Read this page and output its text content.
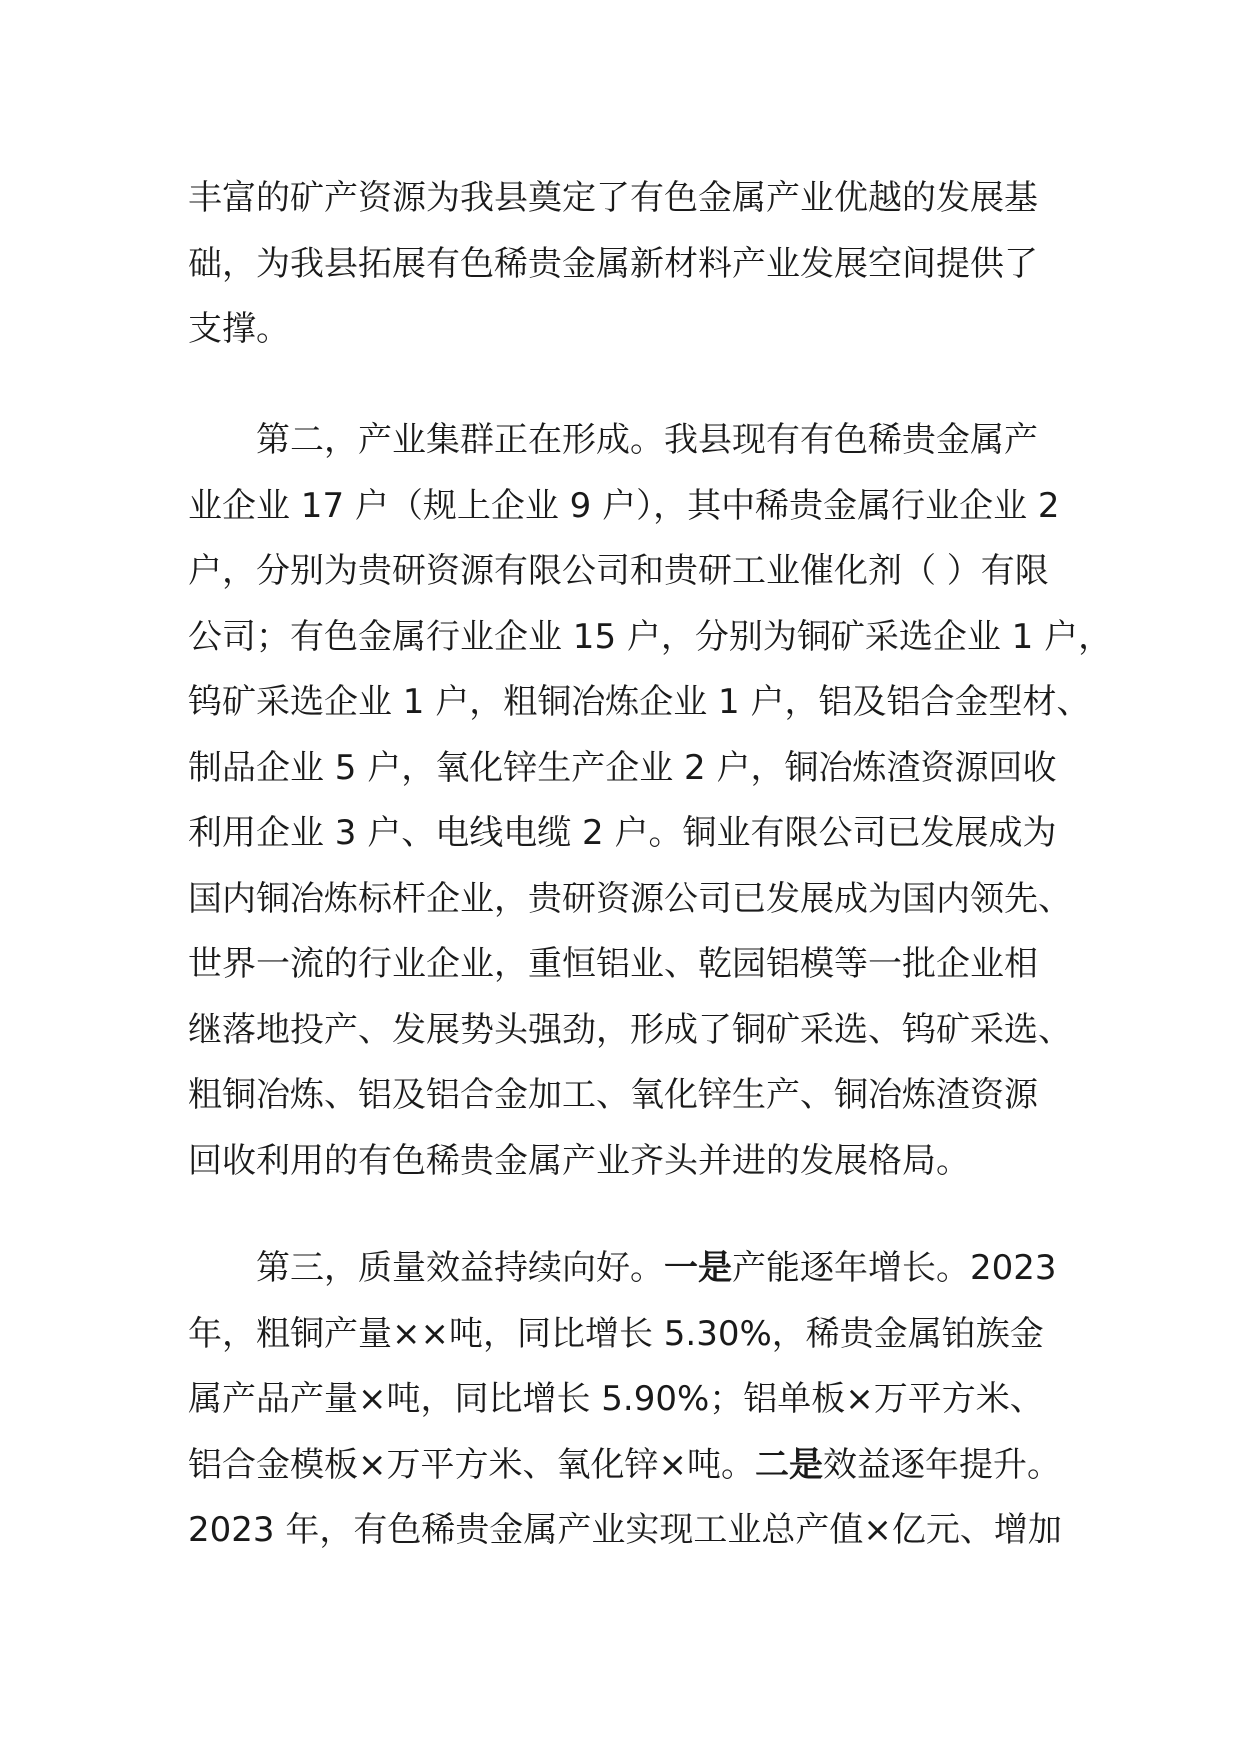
丰富的矿产资源为我县奠定了有色金属产业优越的发展基
础，为我县拓展有色稀贵金属新材料产业发展空间提供了
支撑。
第二，产业集群正在形成。我县现有有色稀贵金属产
业企业 17 户（规上企业 9 户），其中稀贵金属行业企业 2
户，分别为贵研资源有限公司和贵研工业催化剂（ ）有限
公司；有色金属行业企业 15 户，分别为铜矿采选企业 1 户，
钨矿采选企业 1 户，粗铜冶炼企业 1 户，铝及铝合金型材、
制品企业 5 户，氧化锌生产企业 2 户，铜冶炼渣资源回收
利用企业 3 户、电线电缆 2 户。铜业有限公司已发展成为
国内铜冶炼标杆企业，贵研资源公司已发展成为国内领先、
世界一流的行业企业，重恒铝业、乾园铝模等一批企业相
继落地投产、发展势头强劲，形成了铜矿采选、钨矿采选、
粗铜冶炼、铝及铝合金加工、氧化锌生产、铜冶炼渣资源
回收利用的有色稀贵金属产业齐头并进的发展格局。
第三，质量效益持续向好。一是产能逐年增长。2023
年，粗铜产量××吨，同比增长 5.30%，稀贵金属铂族金
属产品产量×吨，同比增长 5.90%；铝单板×万平方米、
铝合金模板×万平方米、氧化锌×吨。二是效益逐年提升。
2023 年，有色稀贵金属产业实现工业总产值×亿元、增加
